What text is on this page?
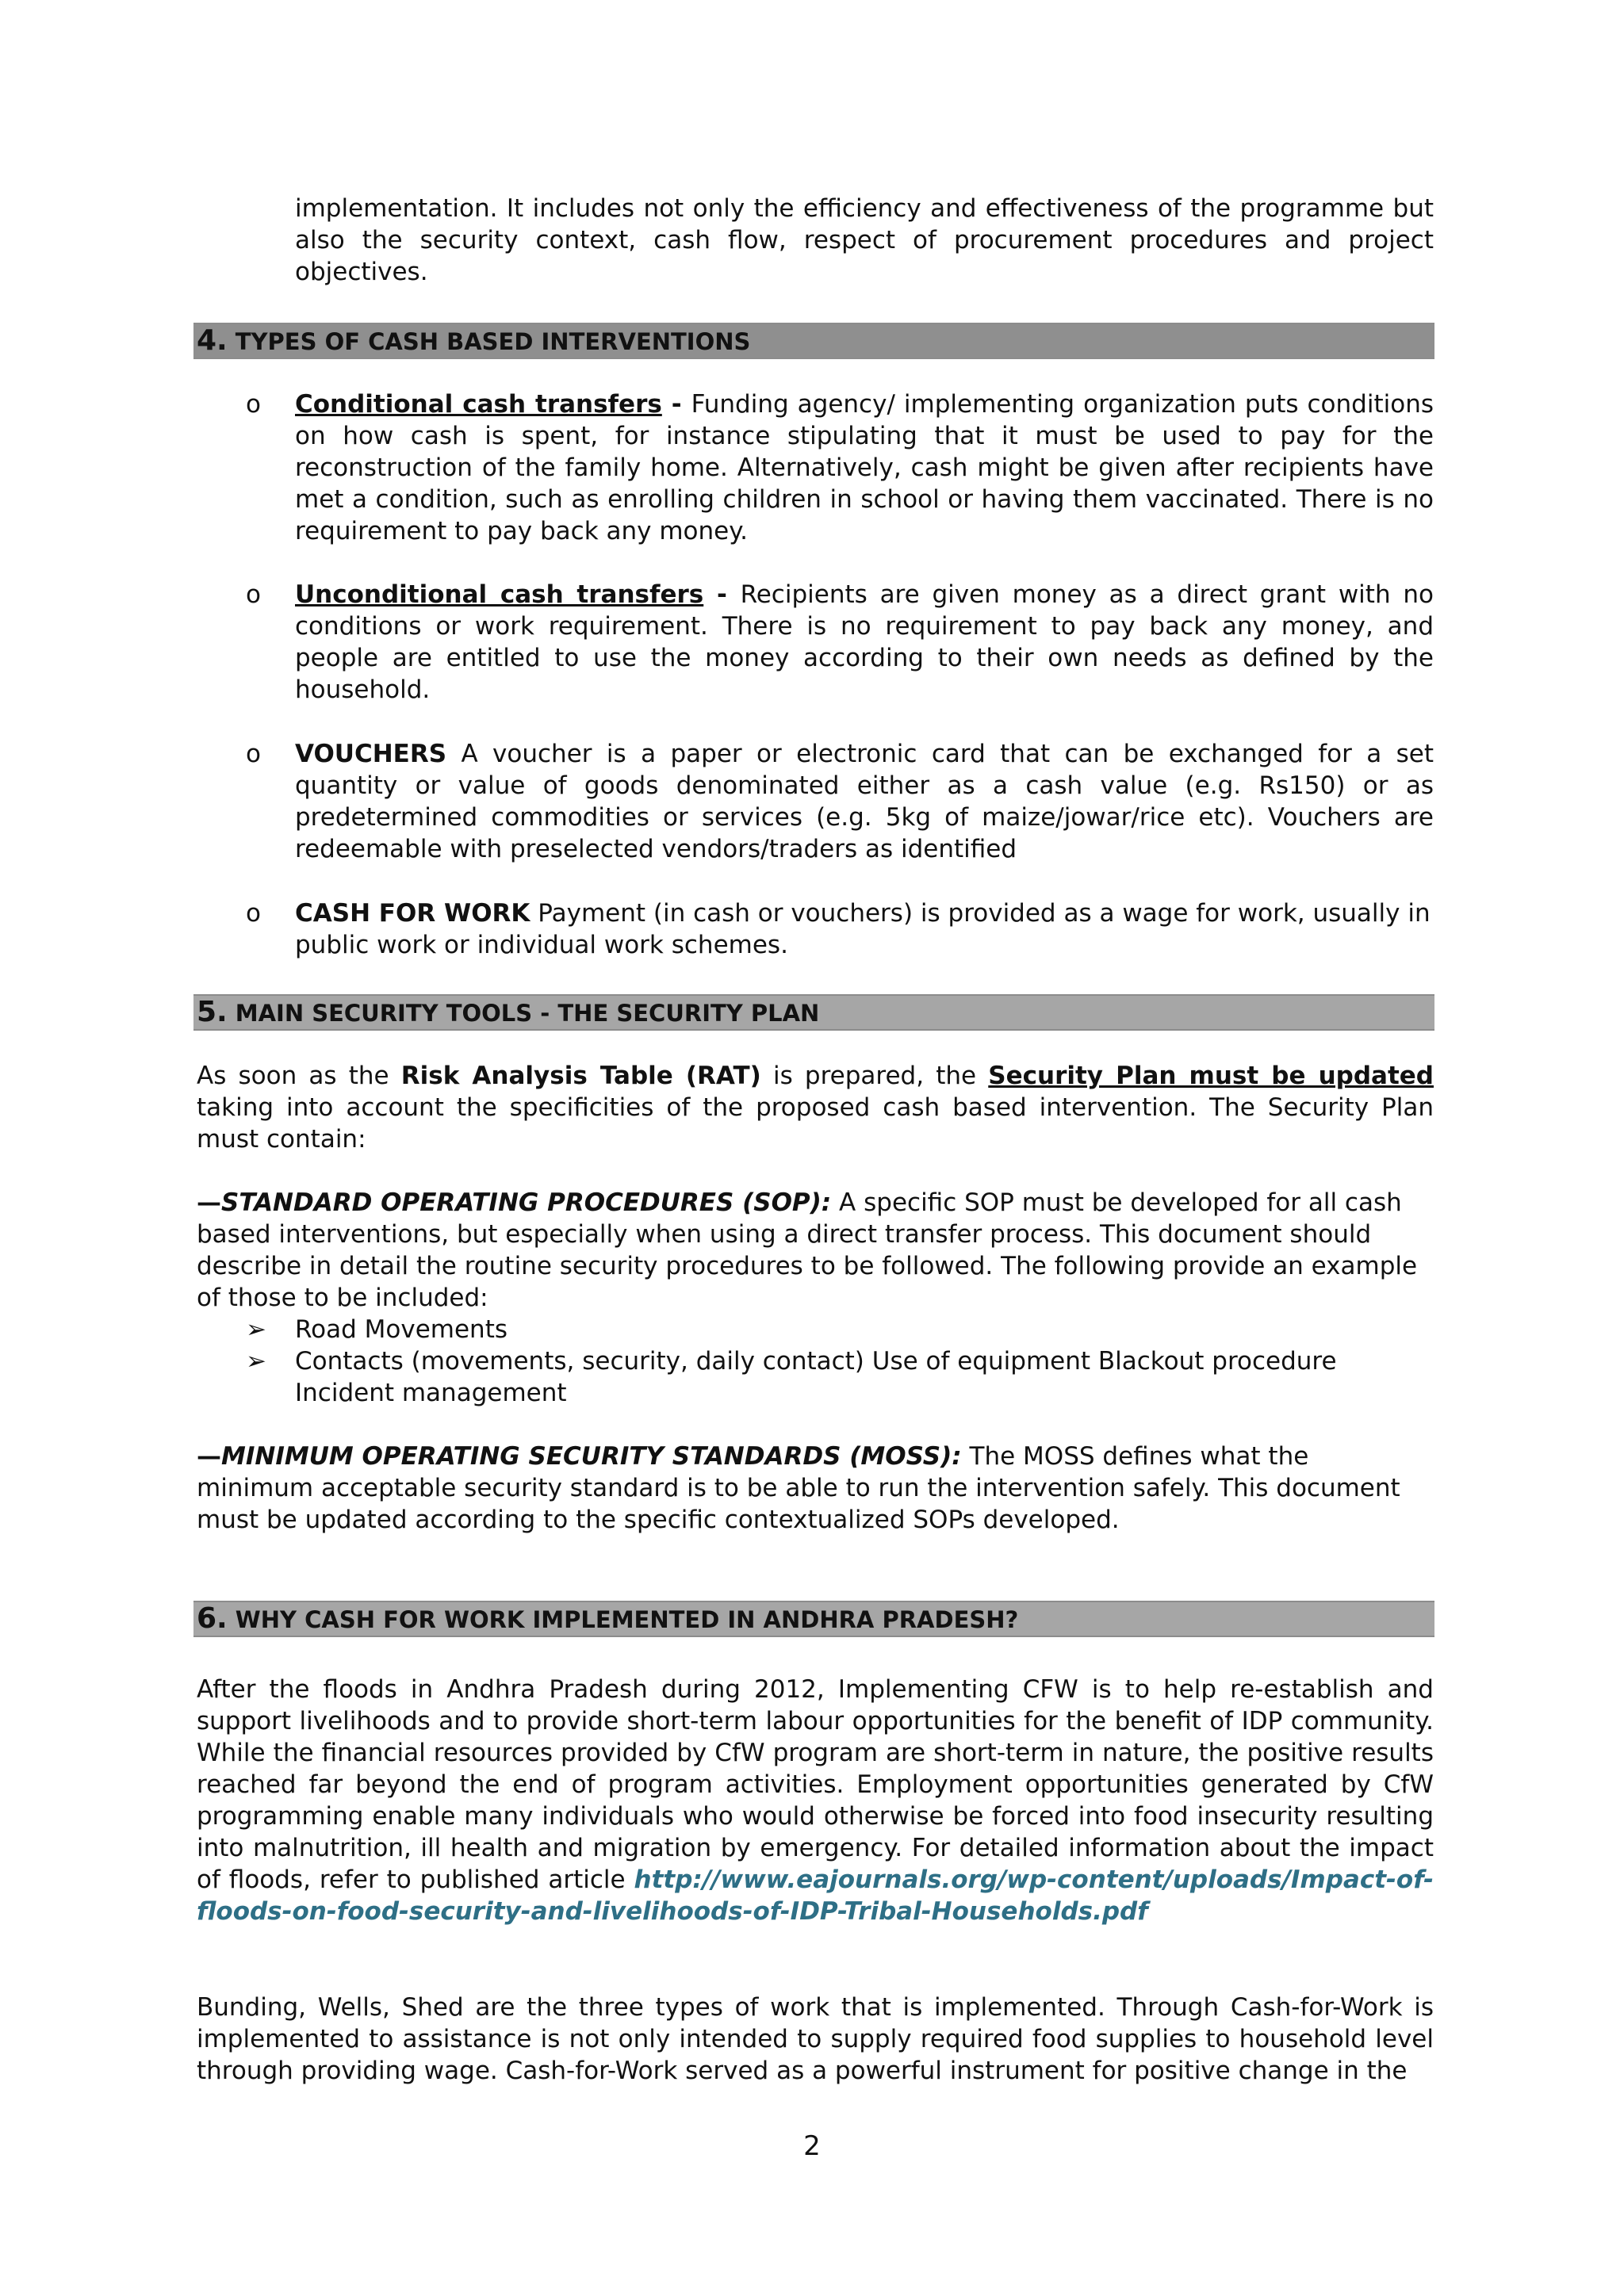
implementation. It includes not only the efficiency and effectiveness of the programme but also the security context, cash flow, respect of procurement procedures and project objectives.

4. TYPES OF CASH BASED INTERVENTIONS
o Conditional cash transfers - Funding agency/ implementing organization puts conditions on how cash is spent, for instance stipulating that it must be used to pay for the reconstruction of the family home. Alternatively, cash might be given after recipients have met a condition, such as enrolling children in school or having them vaccinated. There is no requirement to pay back any money.

o Unconditional cash transfers - Recipients are given money as a direct grant with no conditions or work requirement. There is no requirement to pay back any money, and people are entitled to use the money according to their own needs as defined by the household.

o VOUCHERS A voucher is a paper or electronic card that can be exchanged for a set quantity or value of goods denominated either as a cash value (e.g. Rs150) or as predetermined commodities or services (e.g. 5kg of maize/jowar/rice etc). Vouchers are redeemable with preselected vendors/traders as identified

o CASH FOR WORK Payment (in cash or vouchers) is provided as a wage for work, usually in public work or individual work schemes.

5. MAIN SECURITY TOOLS - THE SECURITY PLAN

As soon as the Risk Analysis Table (RAT) is prepared, the Security Plan must be updated taking into account the specificities of the proposed cash based intervention. The Security Plan must contain:

—STANDARD OPERATING PROCEDURES (SOP): A specific SOP must be developed for all cash based interventions, but especially when using a direct transfer process. This document should describe in detail the routine security procedures to be followed. The following provide an example of those to be included:

➢ Road Movements

➢ Contacts (movements, security, daily contact) Use of equipment Blackout procedure Incident management

—MINIMUM OPERATING SECURITY STANDARDS (MOSS): The MOSS defines what the minimum acceptable security standard is to be able to run the intervention safely. This document must be updated according to the specific contextualized SOPs developed.

6. WHY CASH FOR WORK IMPLEMENTED IN ANDHRA PRADESH?

After the floods in Andhra Pradesh during 2012, Implementing CFW is to help re-establish and support livelihoods and to provide short-term labour opportunities for the benefit of IDP community. While the financial resources provided by CfW program are short-term in nature, the positive results reached far beyond the end of program activities. Employment opportunities generated by CfW programming enable many individuals who would otherwise be forced into food insecurity resulting into malnutrition, ill health and migration by emergency. For detailed information about the impact of floods, refer to published article http://www.eajournals.org/wp-content/uploads/Impact-of-floods-on-food-security-and-livelihoods-of-IDP-Tribal-Households.pdf

Bunding, Wells, Shed are the three types of work that is implemented. Through Cash-for-Work is implemented to assistance is not only intended to supply required food supplies to household level through providing wage. Cash-for-Work served as a powerful instrument for positive change in the

2
